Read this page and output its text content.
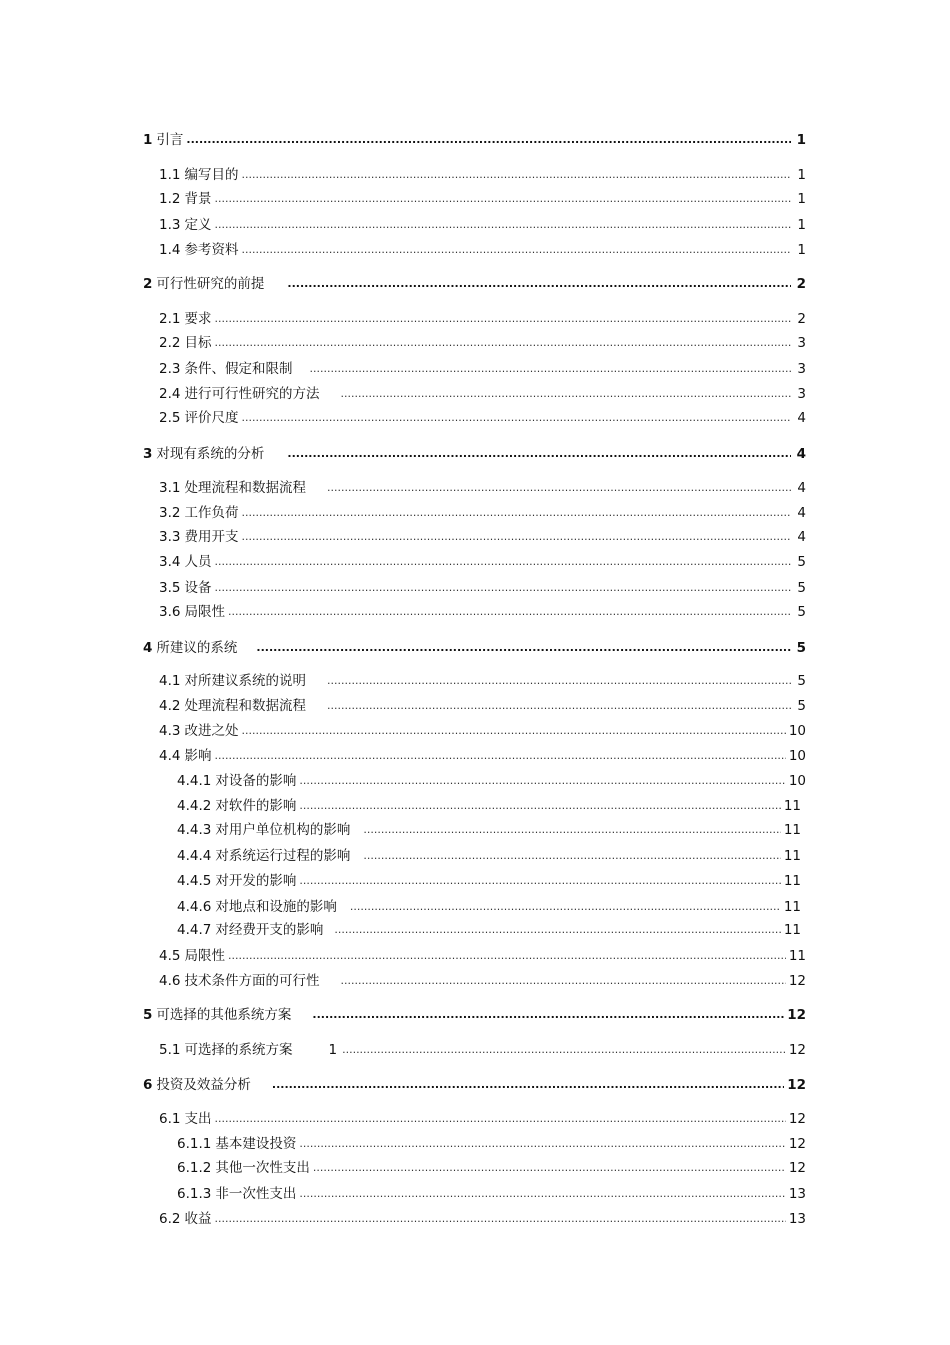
1 引言 .....	1
1.1 编写目的 .....	1
1.2 背景 .....	1
1.3 定义 .....	1
1.4 参考资料 .....	1
2 可行性研究的前提 .....	2
2.1 要求 .....	2
2.2 目标 .....	3
2.3 条件、假定和限制 .....	3
2.4 进行可行性研究的方法 .....	3
2.5 评价尺度 .....	4
3 对现有系统的分析 .....	4
3.1 处理流程和数据流程 .....	4
3.2 工作负荷 .....	4
3.3 费用开支 .....	4
3.4 人员 .....	5
3.5 设备 .....	5
3.6 局限性 .....	5
4 所建议的系统 .....	5
4.1 对所建议系统的说明 .....	5
4.2 处理流程和数据流程 .....	5
4.3 改进之处 .....	10
4.4 影响 .....	10
4.4.1 对设备的影响 .....	10
4.4.2 对软件的影响 .....	11
4.4.3 对用户单位机构的影响 .....	11
4.4.4 对系统运行过程的影响 .....	11
4.4.5 对开发的影响 .....	11
4.4.6 对地点和设施的影响 .....	11
4.4.7 对经费开支的影响 .....	11
4.5 局限性 .....	11
4.6 技术条件方面的可行性 .....	12
5 可选择的其他系统方案 .....	12
5.1 可选择的系统方案	1 .....	12
6 投资及效益分析 .....	12
6.1 支出 .....	12
6.1.1 基本建设投资 .....	12
6.1.2 其他一次性支出 .....	12
6.1.3 非一次性支出 .....	13
6.2 收益 .....	13
